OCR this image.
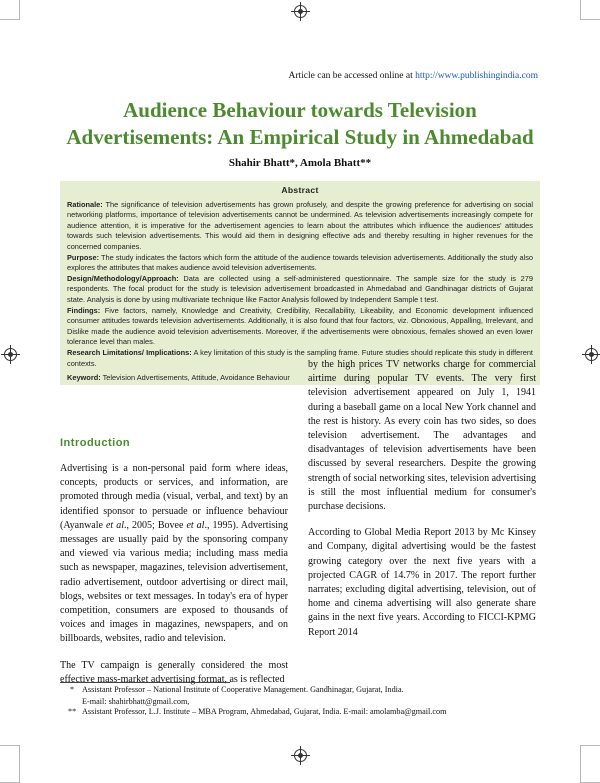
Article can be accessed online at http://www.publishingindia.com
Audience Behaviour towards Television Advertisements: An Empirical Study in Ahmedabad
Shahir Bhatt*, Amola Bhatt**
Abstract

Rationale: The significance of television advertisements has grown profusely, and despite the growing preference for advertising on social networking platforms, importance of television advertisements cannot be undermined. As television advertisements increasingly compete for audience attention, it is imperative for the advertisement agencies to learn about the attributes which influence the audiences' attitudes towards such television advertisements. This would aid them in designing effective ads and thereby resulting in higher revenues for the concerned companies.

Purpose: The study indicates the factors which form the attitude of the audience towards television advertisements. Additionally the study also explores the attributes that makes audience avoid television advertisements.

Design/Methodology/Approach: Data are collected using a self-administered questionnaire. The sample size for the study is 279 respondents. The focal product for the study is television advertisement broadcasted in Ahmedabad and Gandhinagar districts of Gujarat state. Analysis is done by using multivariate technique like Factor Analysis followed by Independent Sample t test.

Findings: Five factors, namely, Knowledge and Creativity, Credibility, Recallability, Likeability, and Economic development influenced consumer attitudes towards television advertisements. Additionally, it is also found that four factors, viz. Obnoxious, Appalling, Irrelevant, and Dislike made the audience avoid television advertisements. Moreover, if the advertisements were obnoxious, females showed an even lower tolerance level than males.

Research Limitations/ Implications: A key limitation of this study is the sampling frame. Future studies should replicate this study in different contexts.

Keyword: Television Advertisements, Attitude, Avoidance Behaviour

Introduction

Advertising is a non-personal paid form where ideas, concepts, products or services, and information, are promoted through media (visual, verbal, and text) by an identified sponsor to persuade or influence behaviour (Ayanwale et al., 2005; Bovee et al., 1995). Advertising messages are usually paid by the sponsoring company and viewed via various media; including mass media such as newspaper, magazines, television advertisement, radio advertisement, outdoor advertising or direct mail, blogs, websites or text messages. In today's era of hyper competition, consumers are exposed to thousands of voices and images in magazines, newspapers, and on billboards, websites, radio and television.

The TV campaign is generally considered the most effective mass-market advertising format, as is reflected

by the high prices TV networks charge for commercial airtime during popular TV events. The very first television advertisement appeared on July 1, 1941 during a baseball game on a local New York channel and the rest is history. As every coin has two sides, so does television advertisement. The advantages and disadvantages of television advertisements have been discussed by several researchers. Despite the growing strength of social networking sites, television advertising is still the most influential medium for consumer's purchase decisions.

According to Global Media Report 2013 by Mc Kinsey and Company, digital advertising would be the fastest growing category over the next five years with a projected CAGR of 14.7% in 2017. The report further narrates; excluding digital advertising, television, out of home and cinema advertising will also generate share gains in the next five years. According to FICCI-KPMG Report 2014

* Assistant Professor – National Institute of Cooperative Management. Gandhinagar, Gujarat, India.
E-mail: shahirbhatt@gmail.com,
** Assistant Professor, L.J. Institute – MBA Program, Ahmedabad, Gujarat, India. E-mail: amolamba@gmail.com
